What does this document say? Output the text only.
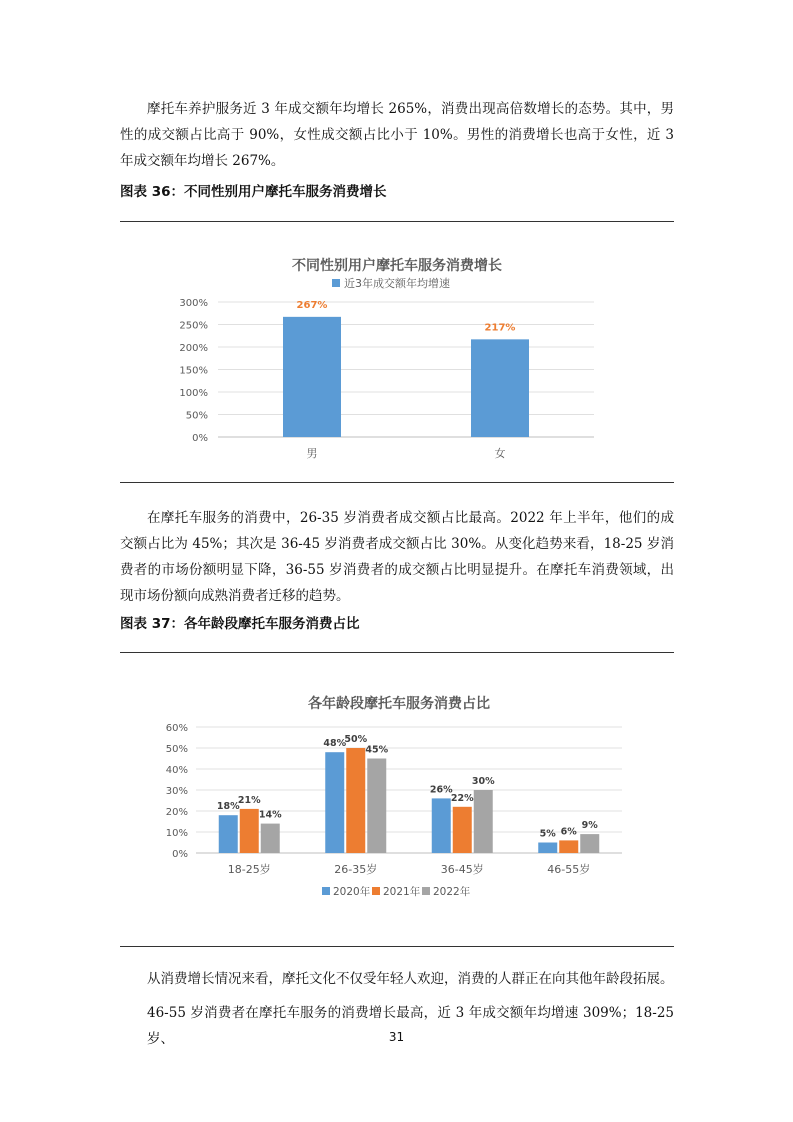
摩托车养护服务近 3 年成交额年均增长 265%，消费出现高倍数增长的态势。其中，男性的成交额占比高于 90%，女性成交额占比小于 10%。男性的消费增长也高于女性，近 3 年成交额年均增长 267%。

图表 36：不同性别用户摩托车服务消费增长

不同性别用户摩托车服务消费增长
近3年成交额年均增速
0%
50%
100%
150%
200%
250%
300%	267%
男
217%
女

在摩托车服务的消费中，26-35 岁消费者成交额占比最高。2022 年上半年，他们的成交额占比为 45%；其次是 36-45 岁消费者成交额占比 30%。从变化趋势来看，18-25 岁消费者的市场份额明显下降，36-55 岁消费者的成交额占比明显提升。在摩托车消费领域，出现市场份额向成熟消费者迁移的趋势。

图表 37：各年龄段摩托车服务消费占比

各年龄段摩托车服务消费占比
0%
10%
20%
30%
40%
50%
60%
18%
21%
14%
18-25岁
48%
50%
45%
26-35岁
26%
22%
30%
36-45岁
5% 6%
9%
46-55岁
2020年 2021年 2022年

从消费增长情况来看，摩托文化不仅受年轻人欢迎，消费的人群正在向其他年龄段拓展。

46-55 岁消费者在摩托车服务的消费增长最高，近 3 年成交额年均增速 309%；18-25 岁、	31
